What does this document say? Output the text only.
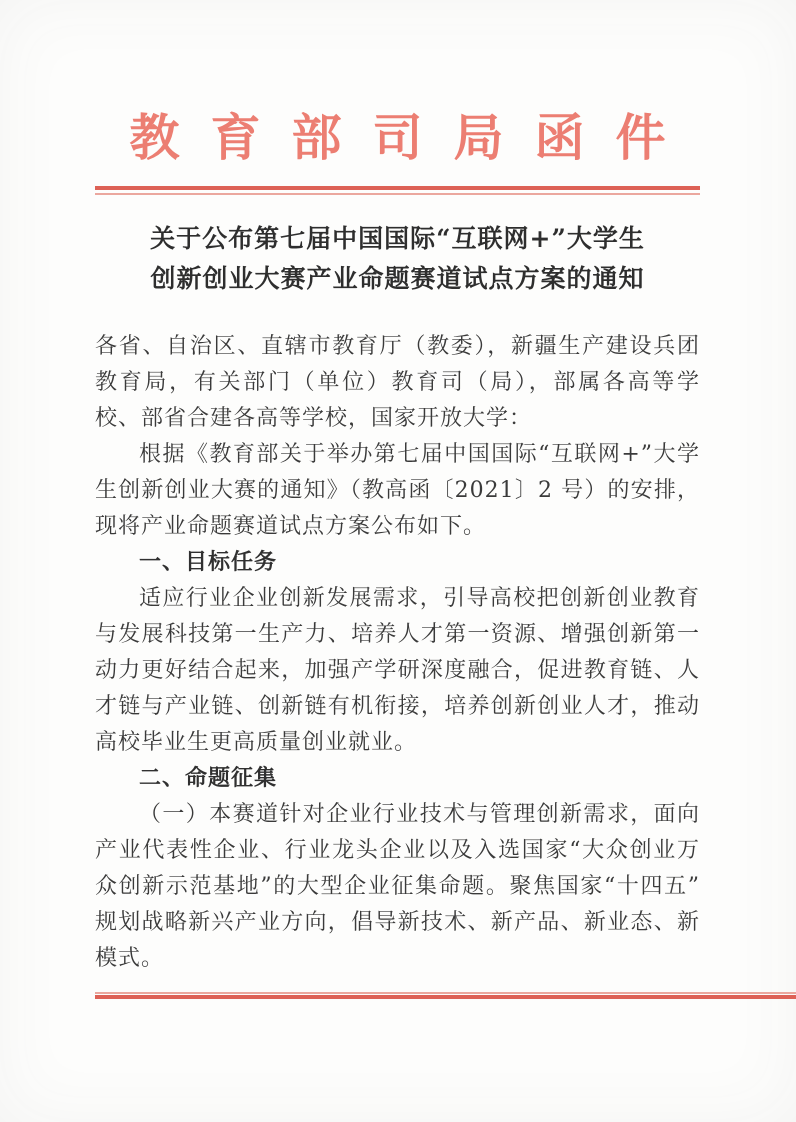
教育部司局函件
关于公布第七届中国国际“互联网+”大学生
创新创业大赛产业命题赛道试点方案的通知

各省、自治区、直辖市教育厅（教委），新疆生产建设兵团教育局，有关部门（单位）教育司（局），部属各高等学校、部省合建各高等学校，国家开放大学：

根据《教育部关于举办第七届中国国际“互联网+”大学生创新创业大赛的通知》（教高函〔2021〕2 号）的安排，现将产业命题赛道试点方案公布如下。

一、目标任务

适应行业企业创新发展需求，引导高校把创新创业教育与发展科技第一生产力、培养人才第一资源、增强创新第一动力更好结合起来，加强产学研深度融合，促进教育链、人才链与产业链、创新链有机衔接，培养创新创业人才，推动高校毕业生更高质量创业就业。

二、命题征集

（一）本赛道针对企业行业技术与管理创新需求，面向产业代表性企业、行业龙头企业以及入选国家“大众创业万众创新示范基地”的大型企业征集命题。聚焦国家“十四五”规划战略新兴产业方向，倡导新技术、新产品、新业态、新模式。
